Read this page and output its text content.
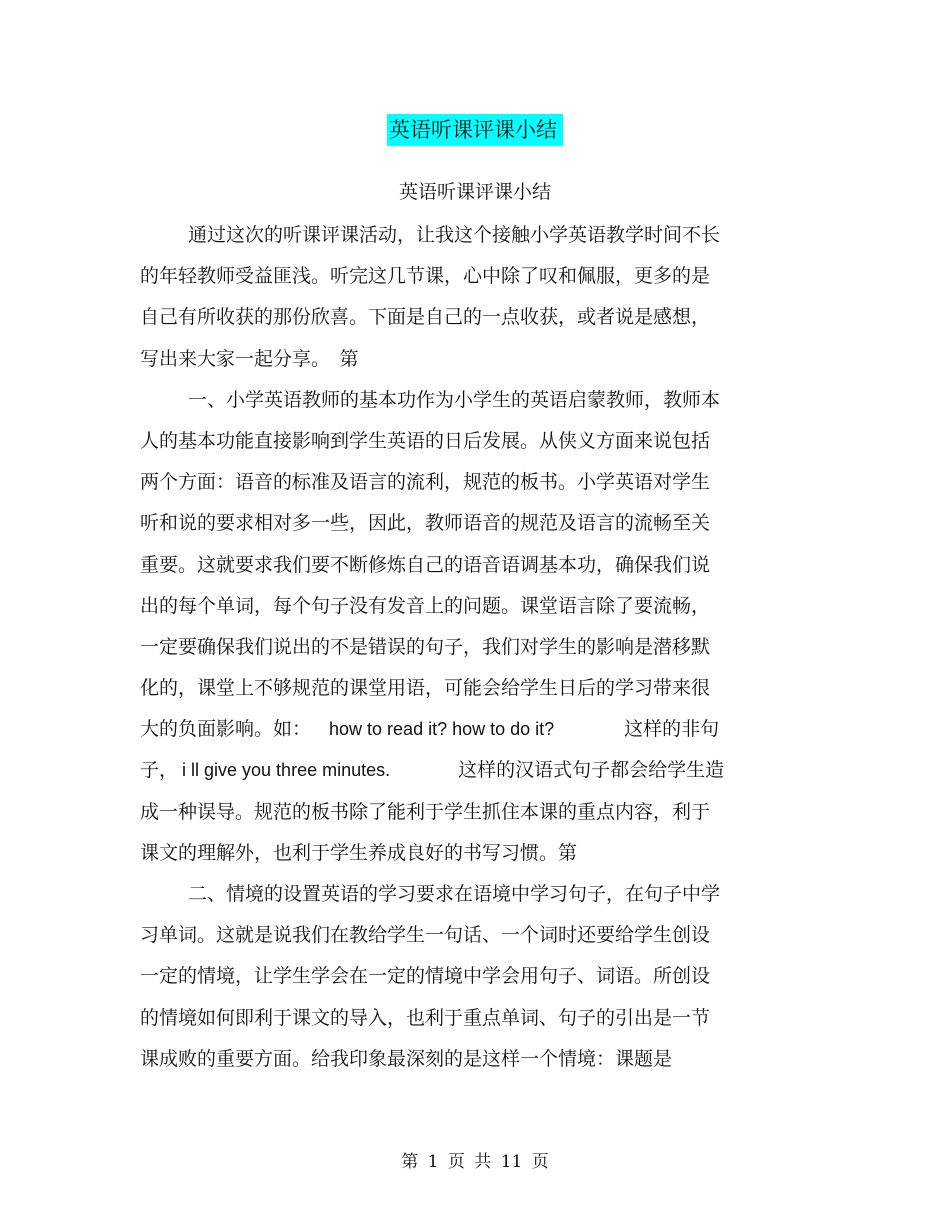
英语听课评课小结
英语听课评课小结
通过这次的听课评课活动，让我这个接触小学英语教学时间不长
的年轻教师受益匪浅。听完这几节课，心中除了叹和佩服，更多的是
自己有所收获的那份欣喜。下面是自己的一点收获，或者说是感想，
写出来大家一起分享。　第
一、小学英语教师的基本功作为小学生的英语启蒙教师，教师本
人的基本功能直接影响到学生英语的日后发展。从侠义方面来说包括
两个方面：语音的标准及语言的流利，规范的板书。小学英语对学生
听和说的要求相对多一些，因此，教师语音的规范及语言的流畅至关
重要。这就要求我们要不断修炼自己的语音语调基本功，确保我们说
出的每个单词，每个句子没有发音上的问题。课堂语言除了要流畅，
一定要确保我们说出的不是错误的句子，我们对学生的影响是潜移默
化的，课堂上不够规范的课堂用语，可能会给学生日后的学习带来很
大的负面影响。如： how to read it? how to do it?	这样的非句
子， i ll give you three minutes.	这样的汉语式句子都会给学生造
成一种误导。规范的板书除了能利于学生抓住本课的重点内容，利于
课文的理解外，也利于学生养成良好的书写习惯。第
二、情境的设置英语的学习要求在语境中学习句子，在句子中学
习单词。这就是说我们在教给学生一句话、一个词时还要给学生创设
一定的情境，让学生学会在一定的情境中学会用句子、词语。所创设
的情境如何即利于课文的导入，也利于重点单词、句子的引出是一节
课成败的重要方面。给我印象最深刻的是这样一个情境：课题是
第 1 页 共 11 页
